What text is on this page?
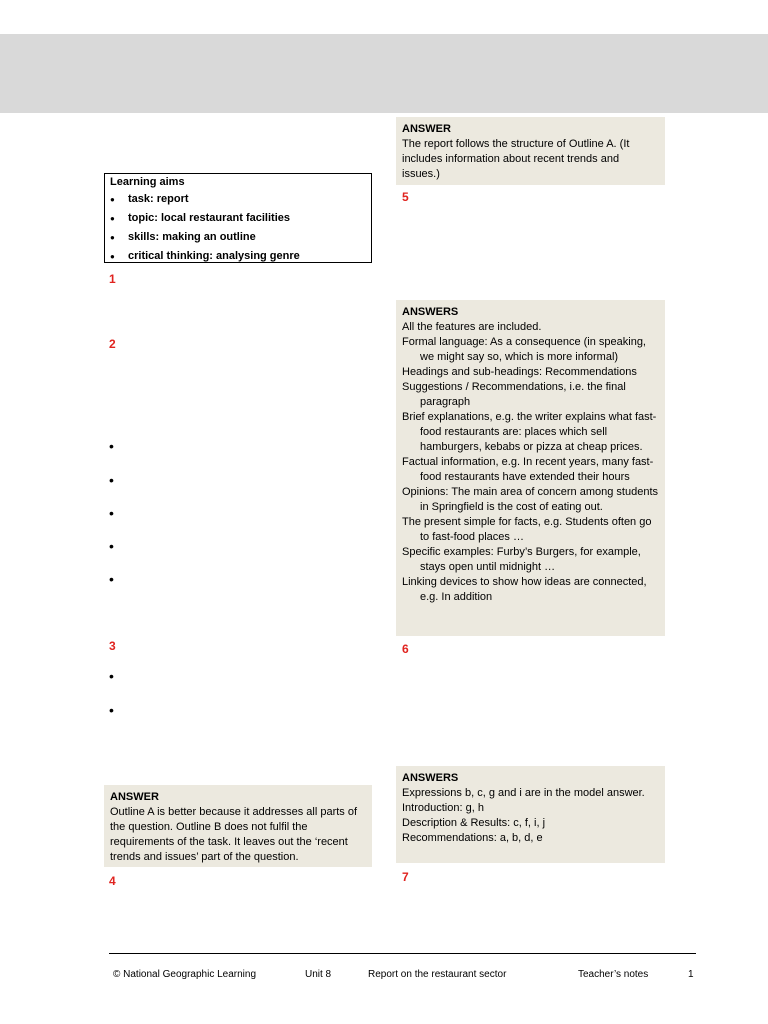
Learning aims
● task: report
● topic: local restaurant facilities
● skills: making an outline
● critical thinking: analysing genre
1
2
•
•
•
•
•
3
•
•
ANSWER
Outline A is better because it addresses all parts of the question. Outline B does not fulfil the requirements of the task. It leaves out the ‘recent trends and issues’ part of the question.
4
ANSWER
The report follows the structure of Outline A. (It includes information about recent trends and issues.)
5
ANSWERS
All the features are included.
Formal language: As a consequence (in speaking, we might say so, which is more informal)
Headings and sub-headings: Recommendations
Suggestions / Recommendations, i.e. the final paragraph
Brief explanations, e.g. the writer explains what fast-food restaurants are: places which sell hamburgers, kebabs or pizza at cheap prices.
Factual information, e.g. In recent years, many fast-food restaurants have extended their hours
Opinions: The main area of concern among students in Springfield is the cost of eating out.
The present simple for facts, e.g. Students often go to fast-food places …
Specific examples: Furby’s Burgers, for example, stays open until midnight …
Linking devices to show how ideas are connected, e.g. In addition
6
ANSWERS
Expressions b, c, g and i are in the model answer.
Introduction: g, h
Description & Results: c, f, i, j
Recommendations: a, b, d, e
7
© National Geographic Learning	Unit 8	Report on the restaurant sector	Teacher’s notes	1
